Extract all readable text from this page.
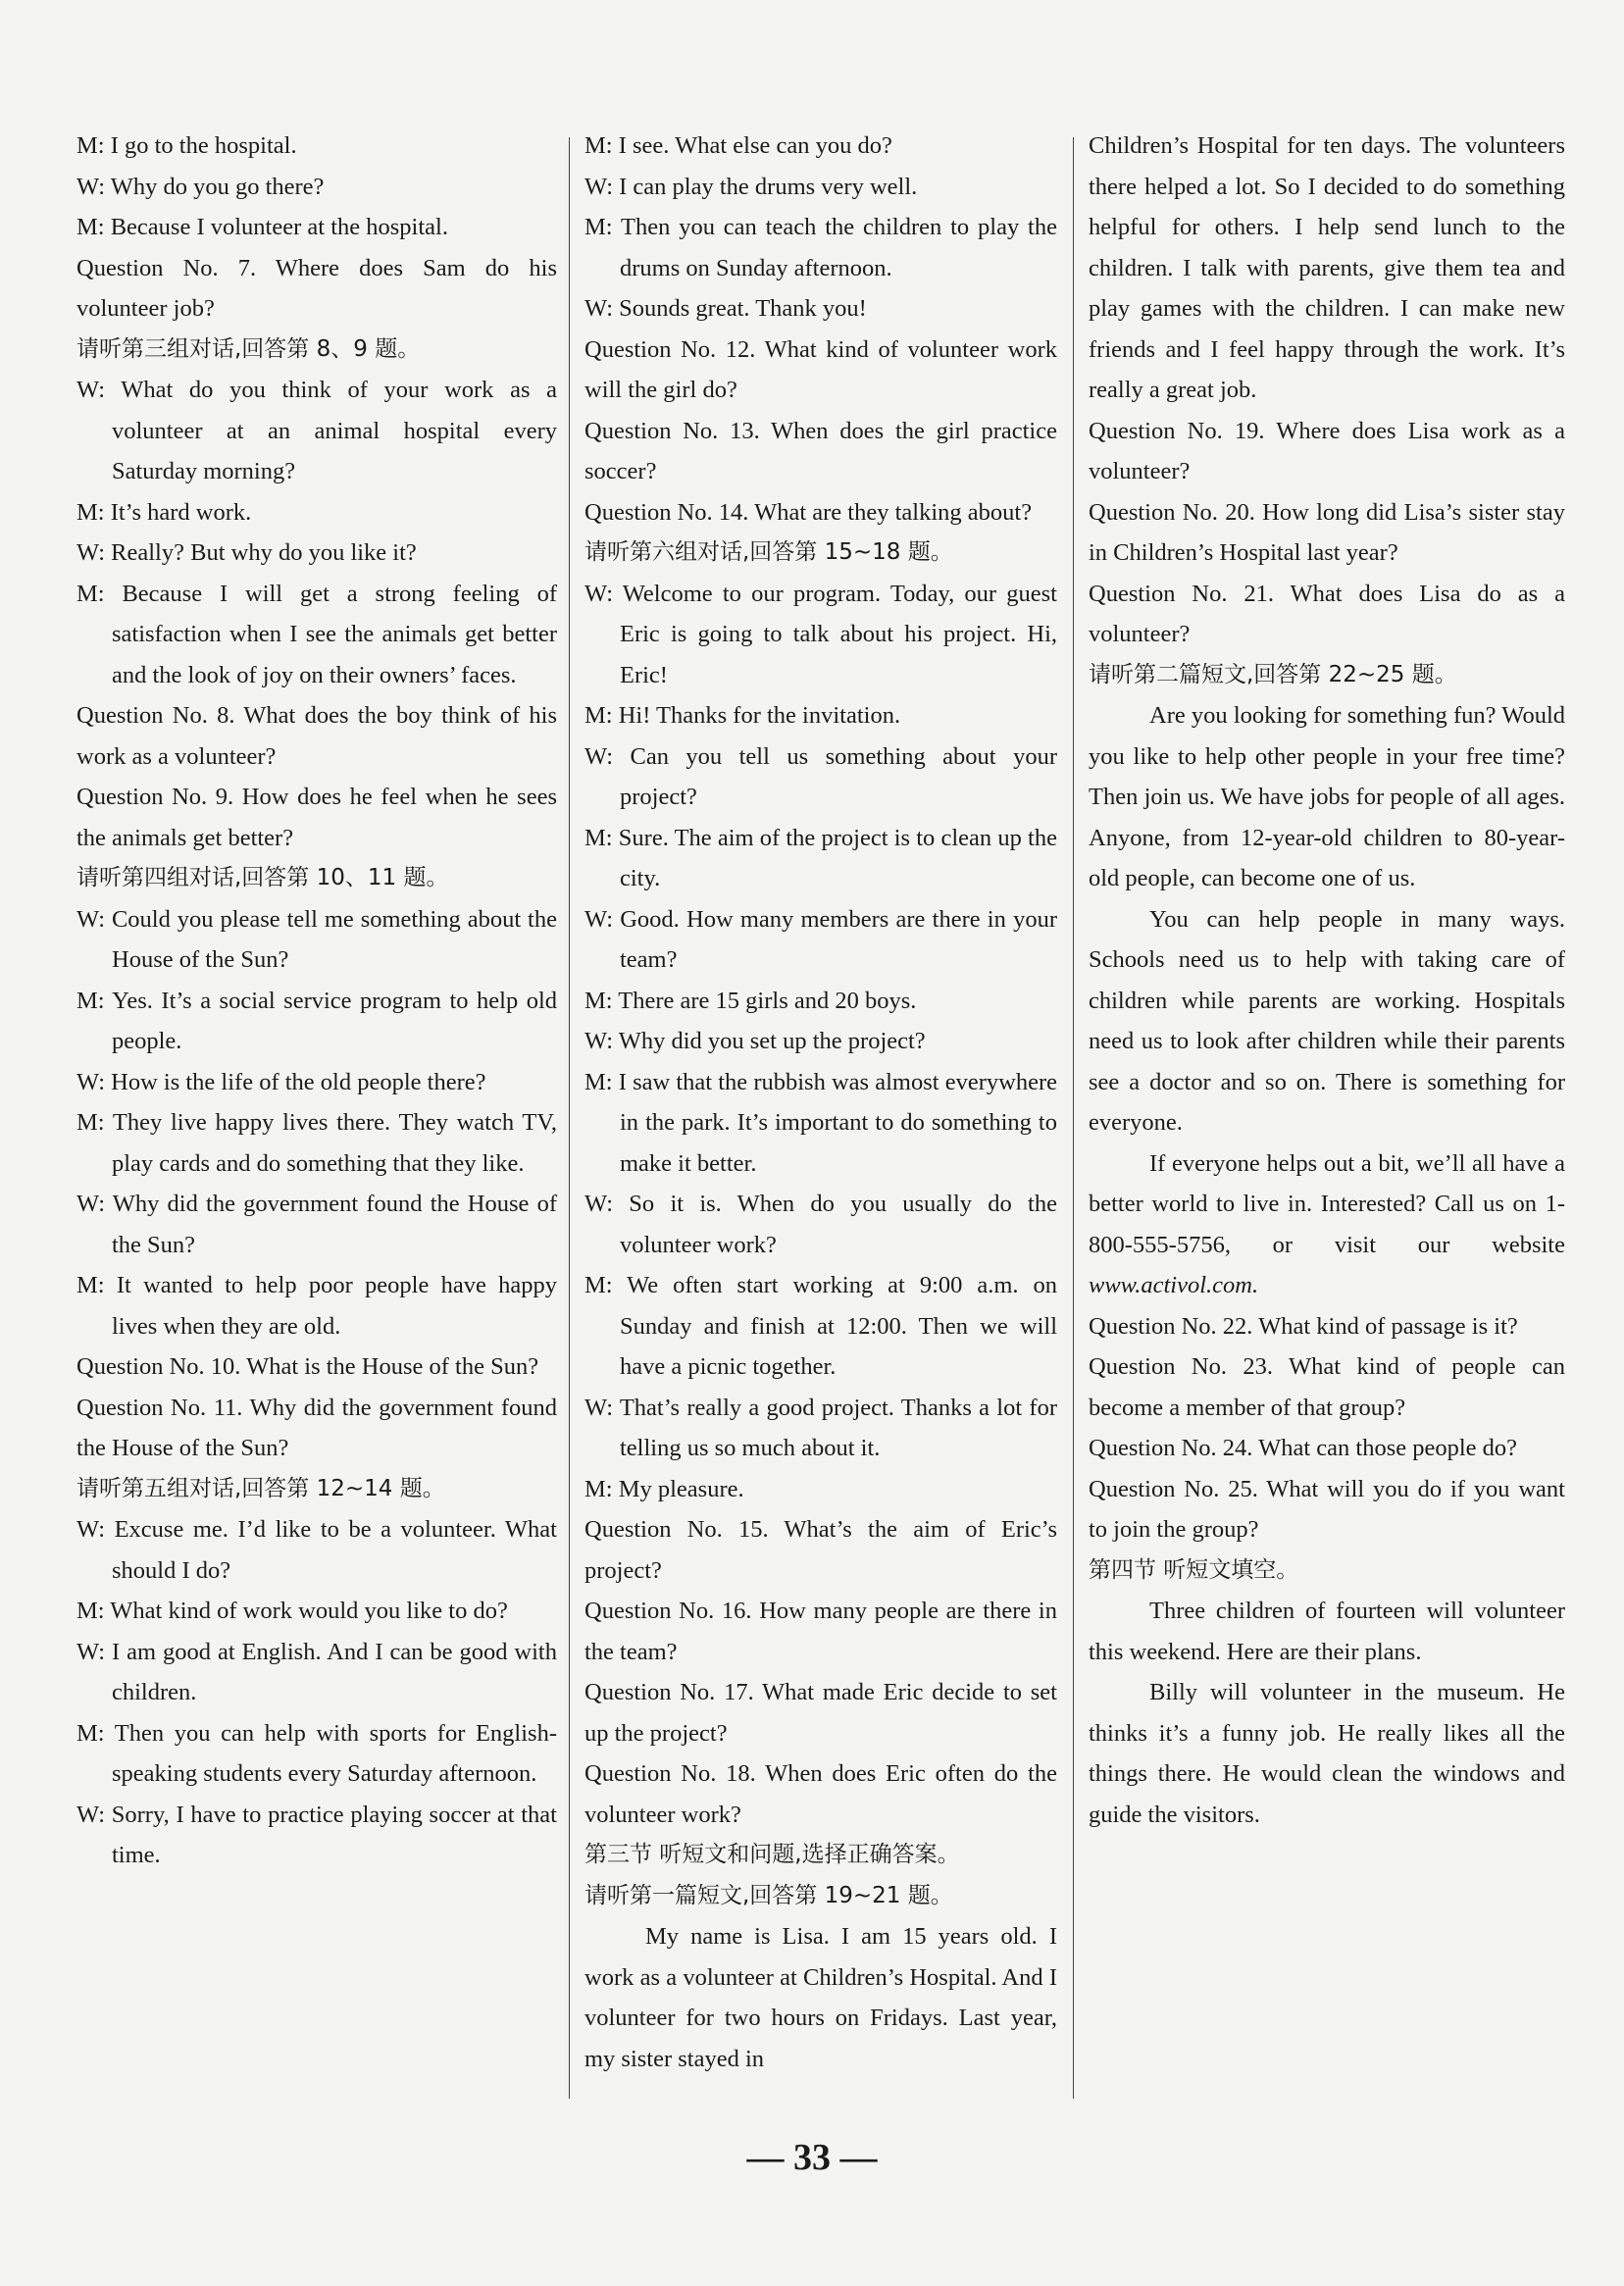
M: I go to the hospital.
W: Why do you go there?
M: Because I volunteer at the hospital.
Question No. 7. Where does Sam do his volunteer job?
请听第三组对话,回答第 8、9 题。
W: What do you think of your work as a volunteer at an animal hospital every Saturday morning?
M: It’s hard work.
W: Really? But why do you like it?
M: Because I will get a strong feeling of satisfaction when I see the animals get better and the look of joy on their owners’ faces.
Question No. 8. What does the boy think of his work as a volunteer?
Question No. 9. How does he feel when he sees the animals get better?
请听第四组对话,回答第 10、11 题。
W: Could you please tell me something about the House of the Sun?
M: Yes. It’s a social service program to help old people.
W: How is the life of the old people there?
M: They live happy lives there. They watch TV, play cards and do something that they like.
W: Why did the government found the House of the Sun?
M: It wanted to help poor people have happy lives when they are old.
Question No. 10. What is the House of the Sun?
Question No. 11. Why did the government found the House of the Sun?
请听第五组对话,回答第 12~14 题。
W: Excuse me. I’d like to be a volunteer. What should I do?
M: What kind of work would you like to do?
W: I am good at English. And I can be good with children.
M: Then you can help with sports for English-speaking students every Saturday afternoon.
W: Sorry, I have to practice playing soccer at that time.
M: I see. What else can you do?
W: I can play the drums very well.
M: Then you can teach the children to play the drums on Sunday afternoon.
W: Sounds great. Thank you!
Question No. 12. What kind of volunteer work will the girl do?
Question No. 13. When does the girl practice soccer?
Question No. 14. What are they talking about?
请听第六组对话,回答第 15~18 题。
W: Welcome to our program. Today, our guest Eric is going to talk about his project. Hi, Eric!
M: Hi! Thanks for the invitation.
W: Can you tell us something about your project?
M: Sure. The aim of the project is to clean up the city.
W: Good. How many members are there in your team?
M: There are 15 girls and 20 boys.
W: Why did you set up the project?
M: I saw that the rubbish was almost everywhere in the park. It’s important to do something to make it better.
W: So it is. When do you usually do the volunteer work?
M: We often start working at 9:00 a.m. on Sunday and finish at 12:00. Then we will have a picnic together.
W: That’s really a good project. Thanks a lot for telling us so much about it.
M: My pleasure.
Question No. 15. What’s the aim of Eric’s project?
Question No. 16. How many people are there in the team?
Question No. 17. What made Eric decide to set up the project?
Question No. 18. When does Eric often do the volunteer work?
第三节 听短文和问题,选择正确答案。
请听第一篇短文,回答第 19~21 题。
My name is Lisa. I am 15 years old. I work as a volunteer at Children’s Hospital. And I volunteer for two hours on Fridays. Last year, my sister stayed in
Children’s Hospital for ten days. The volunteers there helped a lot. So I decided to do something helpful for others. I help send lunch to the children. I talk with parents, give them tea and play games with the children. I can make new friends and I feel happy through the work. It’s really a great job.
Question No. 19. Where does Lisa work as a volunteer?
Question No. 20. How long did Lisa’s sister stay in Children’s Hospital last year?
Question No. 21. What does Lisa do as a volunteer?
请听第二篇短文,回答第 22~25 题。
Are you looking for something fun? Would you like to help other people in your free time? Then join us. We have jobs for people of all ages. Anyone, from 12-year-old children to 80-year-old people, can become one of us.
You can help people in many ways. Schools need us to help with taking care of children while parents are working. Hospitals need us to look after children while their parents see a doctor and so on. There is something for everyone.
If everyone helps out a bit, we’ll all have a better world to live in. Interested? Call us on 1-800-555-5756, or visit our website www.activol.com.
Question No. 22. What kind of passage is it?
Question No. 23. What kind of people can become a member of that group?
Question No. 24. What can those people do?
Question No. 25. What will you do if you want to join the group?
第四节 听短文填空。
Three children of fourteen will volunteer this weekend. Here are their plans.
Billy will volunteer in the museum. He thinks it’s a funny job. He really likes all the things there. He would clean the windows and guide the visitors.
— 33 —
